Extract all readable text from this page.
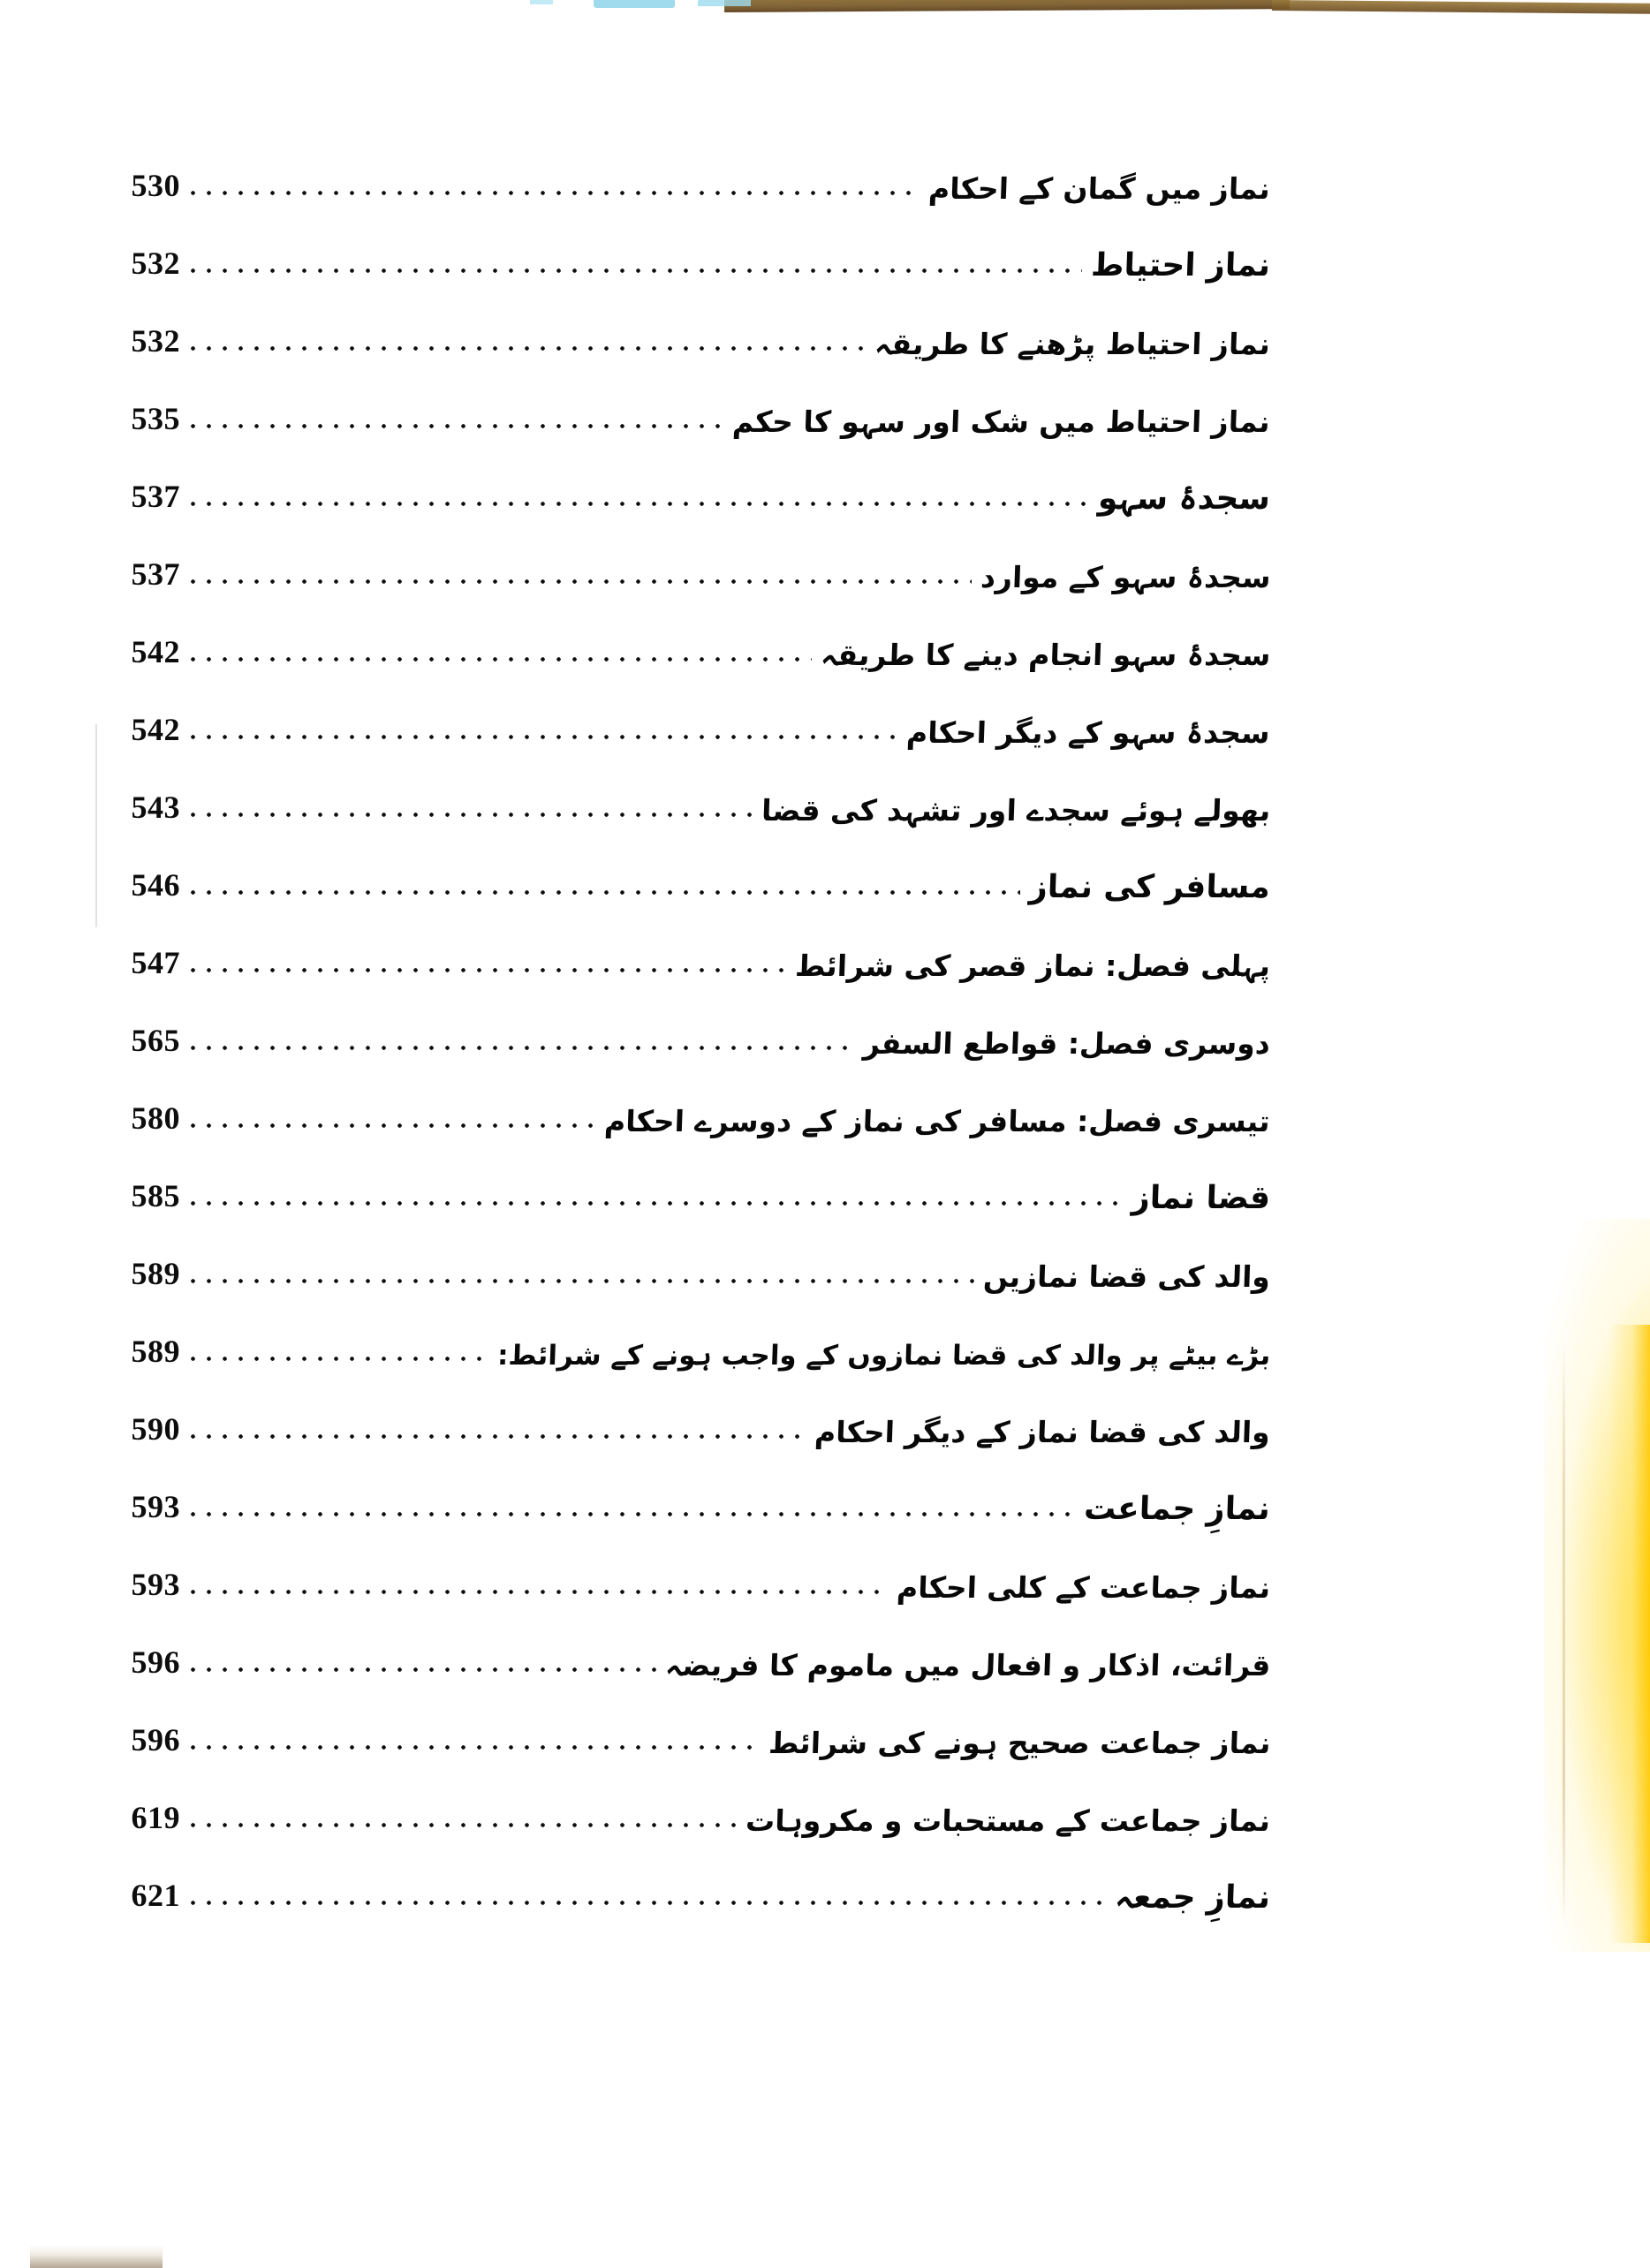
530	نماز میں گمان کے احکام
532	نماز احتیاط
532	نماز احتیاط پڑھنے کا طریقہ
535	نماز احتیاط میں شک اور سہو کا حکم
537	سجدۂ سہو
537	سجدۂ سہو کے موارد
542	سجدۂ سہو انجام دینے کا طریقہ
542	سجدۂ سہو کے دیگر احکام
543	بھولے ہوئے سجدے اور تشہد کی قضا
546	مسافر کی نماز
547	پہلی فصل: نماز قصر کی شرائط
565	دوسری فصل: قواطع السفر
580	تیسری فصل: مسافر کی نماز کے دوسرے احکام
585	قضا نماز
589	والد کی قضا نمازیں
589	بڑے بیٹے پر والد کی قضا نمازوں کے واجب ہونے کے شرائط:
590	والد کی قضا نماز کے دیگر احکام
593	نمازِ جماعت
593	نماز جماعت کے کلی احکام
596	قرائت، اذکار و افعال میں ماموم کا فریضہ
596	نماز جماعت صحیح ہونے کی شرائط
619	نماز جماعت کے مستحبات و مکروہات
621	نمازِ جمعہ
